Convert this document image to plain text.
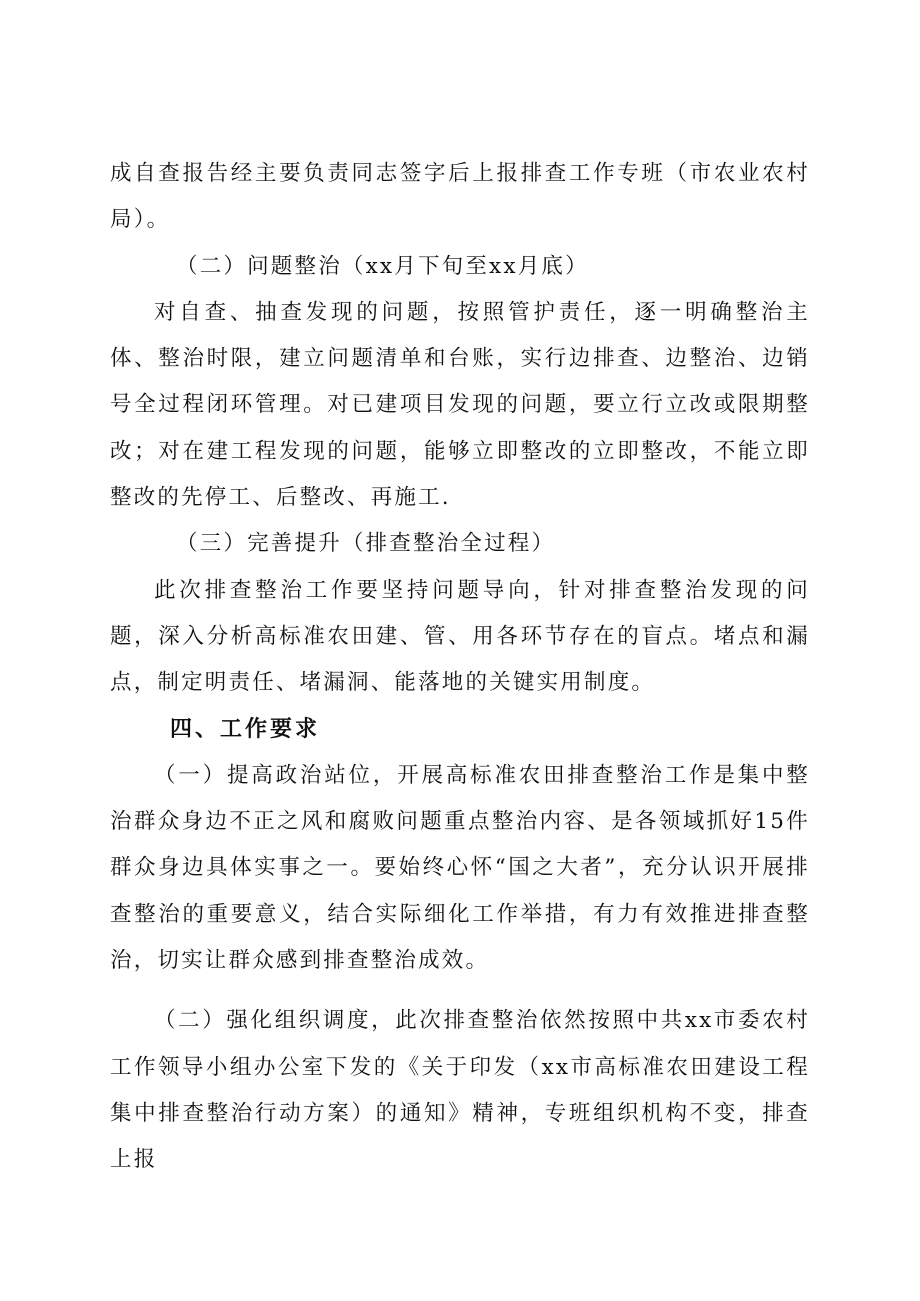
成自查报告经主要负责同志签字后上报排查工作专班（市农业农村局）。

（二）问题整治（xx月下旬至xx月底）

对自查、抽查发现的问题，按照管护责任，逐一明确整治主体、整治时限，建立问题清单和台账，实行边排查、边整治、边销号全过程闭环管理。对已建项目发现的问题，要立行立改或限期整改；对在建工程发现的问题，能够立即整改的立即整改，不能立即整改的先停工、后整改、再施工.

（三）完善提升（排查整治全过程）

此次排查整治工作要坚持问题导向，针对排查整治发现的问题，深入分析高标准农田建、管、用各环节存在的盲点。堵点和漏点，制定明责任、堵漏洞、能落地的关键实用制度。

四、工作要求

（一）提高政治站位，开展高标准农田排查整治工作是集中整治群众身边不正之风和腐败问题重点整治内容、是各领域抓好15件群众身边具体实事之一。要始终心怀“国之大者”，充分认识开展排查整治的重要意义，结合实际细化工作举措，有力有效推进排查整治，切实让群众感到排查整治成效。

（二）强化组织调度，此次排查整治依然按照中共xx市委农村工作领导小组办公室下发的《关于印发（xx市高标准农田建设工程集中排查整治行动方案）的通知》精神，专班组织机构不变，排查上报
